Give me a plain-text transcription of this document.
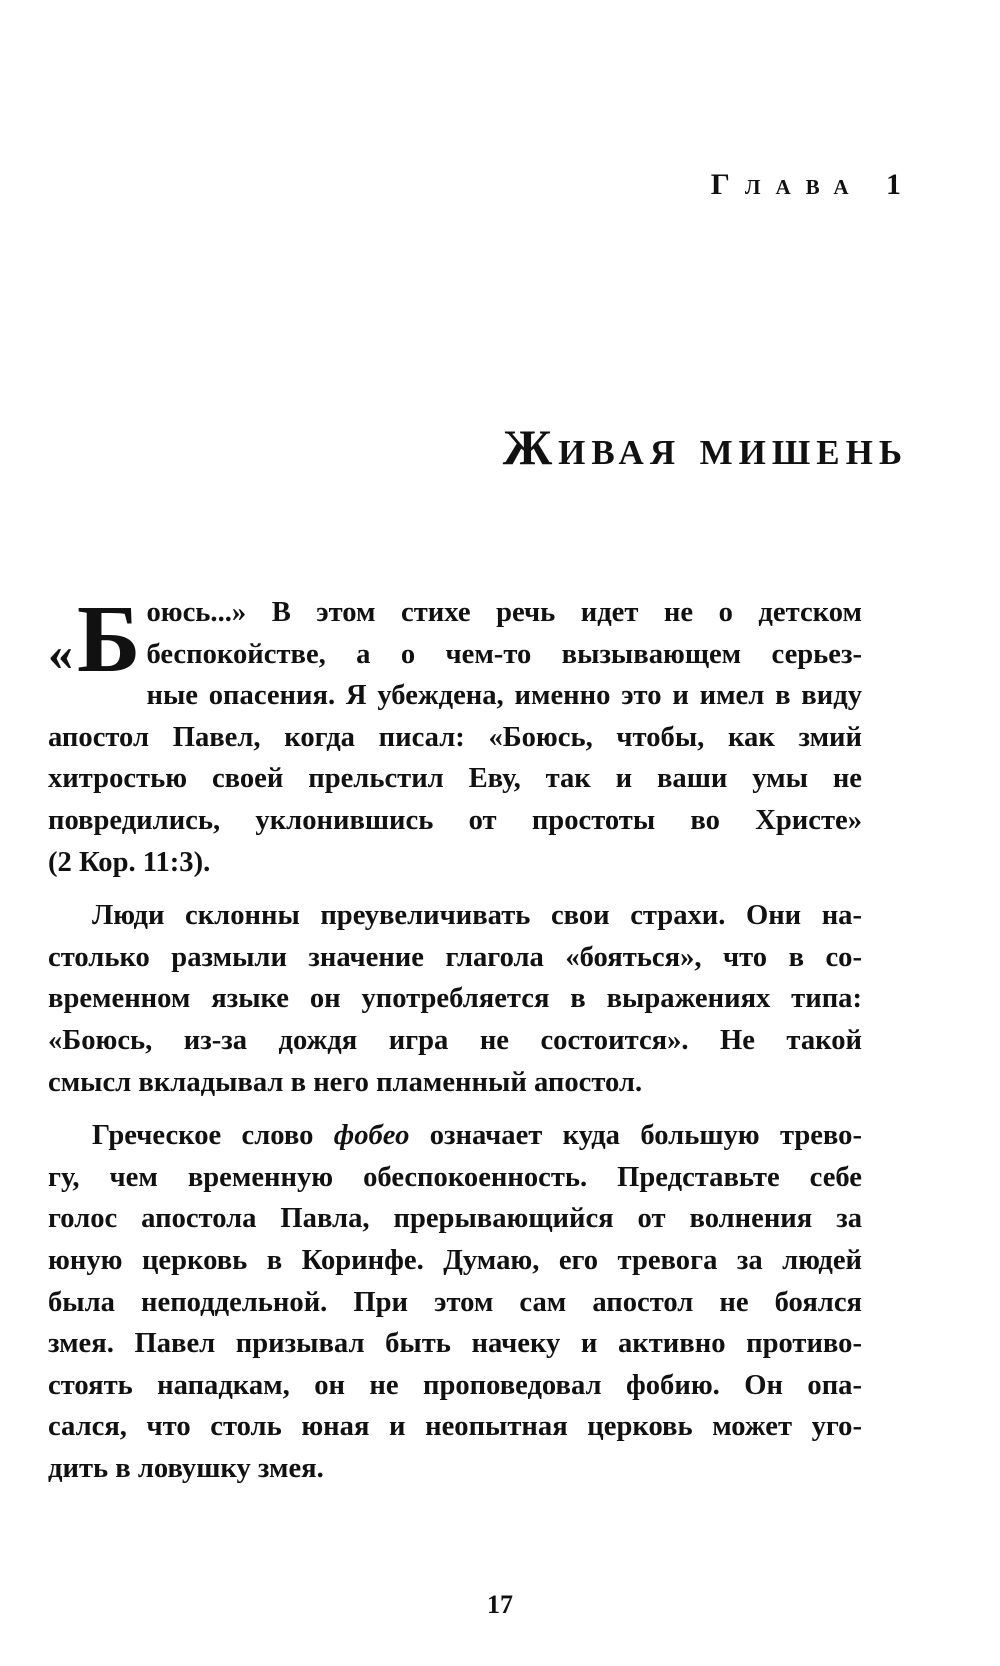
Глава 1
Живая мишень

« Б оюсь...» В этом стихе речь идет не о детском
беспокойстве, а о чем-то вызывающем серьез-
ные опасения. Я убеждена, именно это и имел в виду
апостол Павел, когда писал: «Боюсь, чтобы, как змий
хитростью своей прельстил Еву, так и ваши умы не
повредились, уклонившись от простоты во Христе»
(2 Кор. 11:3).

Люди склонны преувеличивать свои страхи. Они на-
столько размыли значение глагола «бояться», что в со-
временном языке он употребляется в выражениях типа:
«Боюсь, из-за дождя игра не состоится». Не такой
смысл вкладывал в него пламенный апостол.

Греческое слово фобео означает куда большую трево-
гу, чем временную обеспокоенность. Представьте себе
голос апостола Павла, прерывающийся от волнения за
юную церковь в Коринфе. Думаю, его тревога за людей
была неподдельной. При этом сам апостол не боялся
змея. Павел призывал быть начеку и активно противо-
стоять нападкам, он не проповедовал фобию. Он опа-
сался, что столь юная и неопытная церковь может уго-
дить в ловушку змея.

17
